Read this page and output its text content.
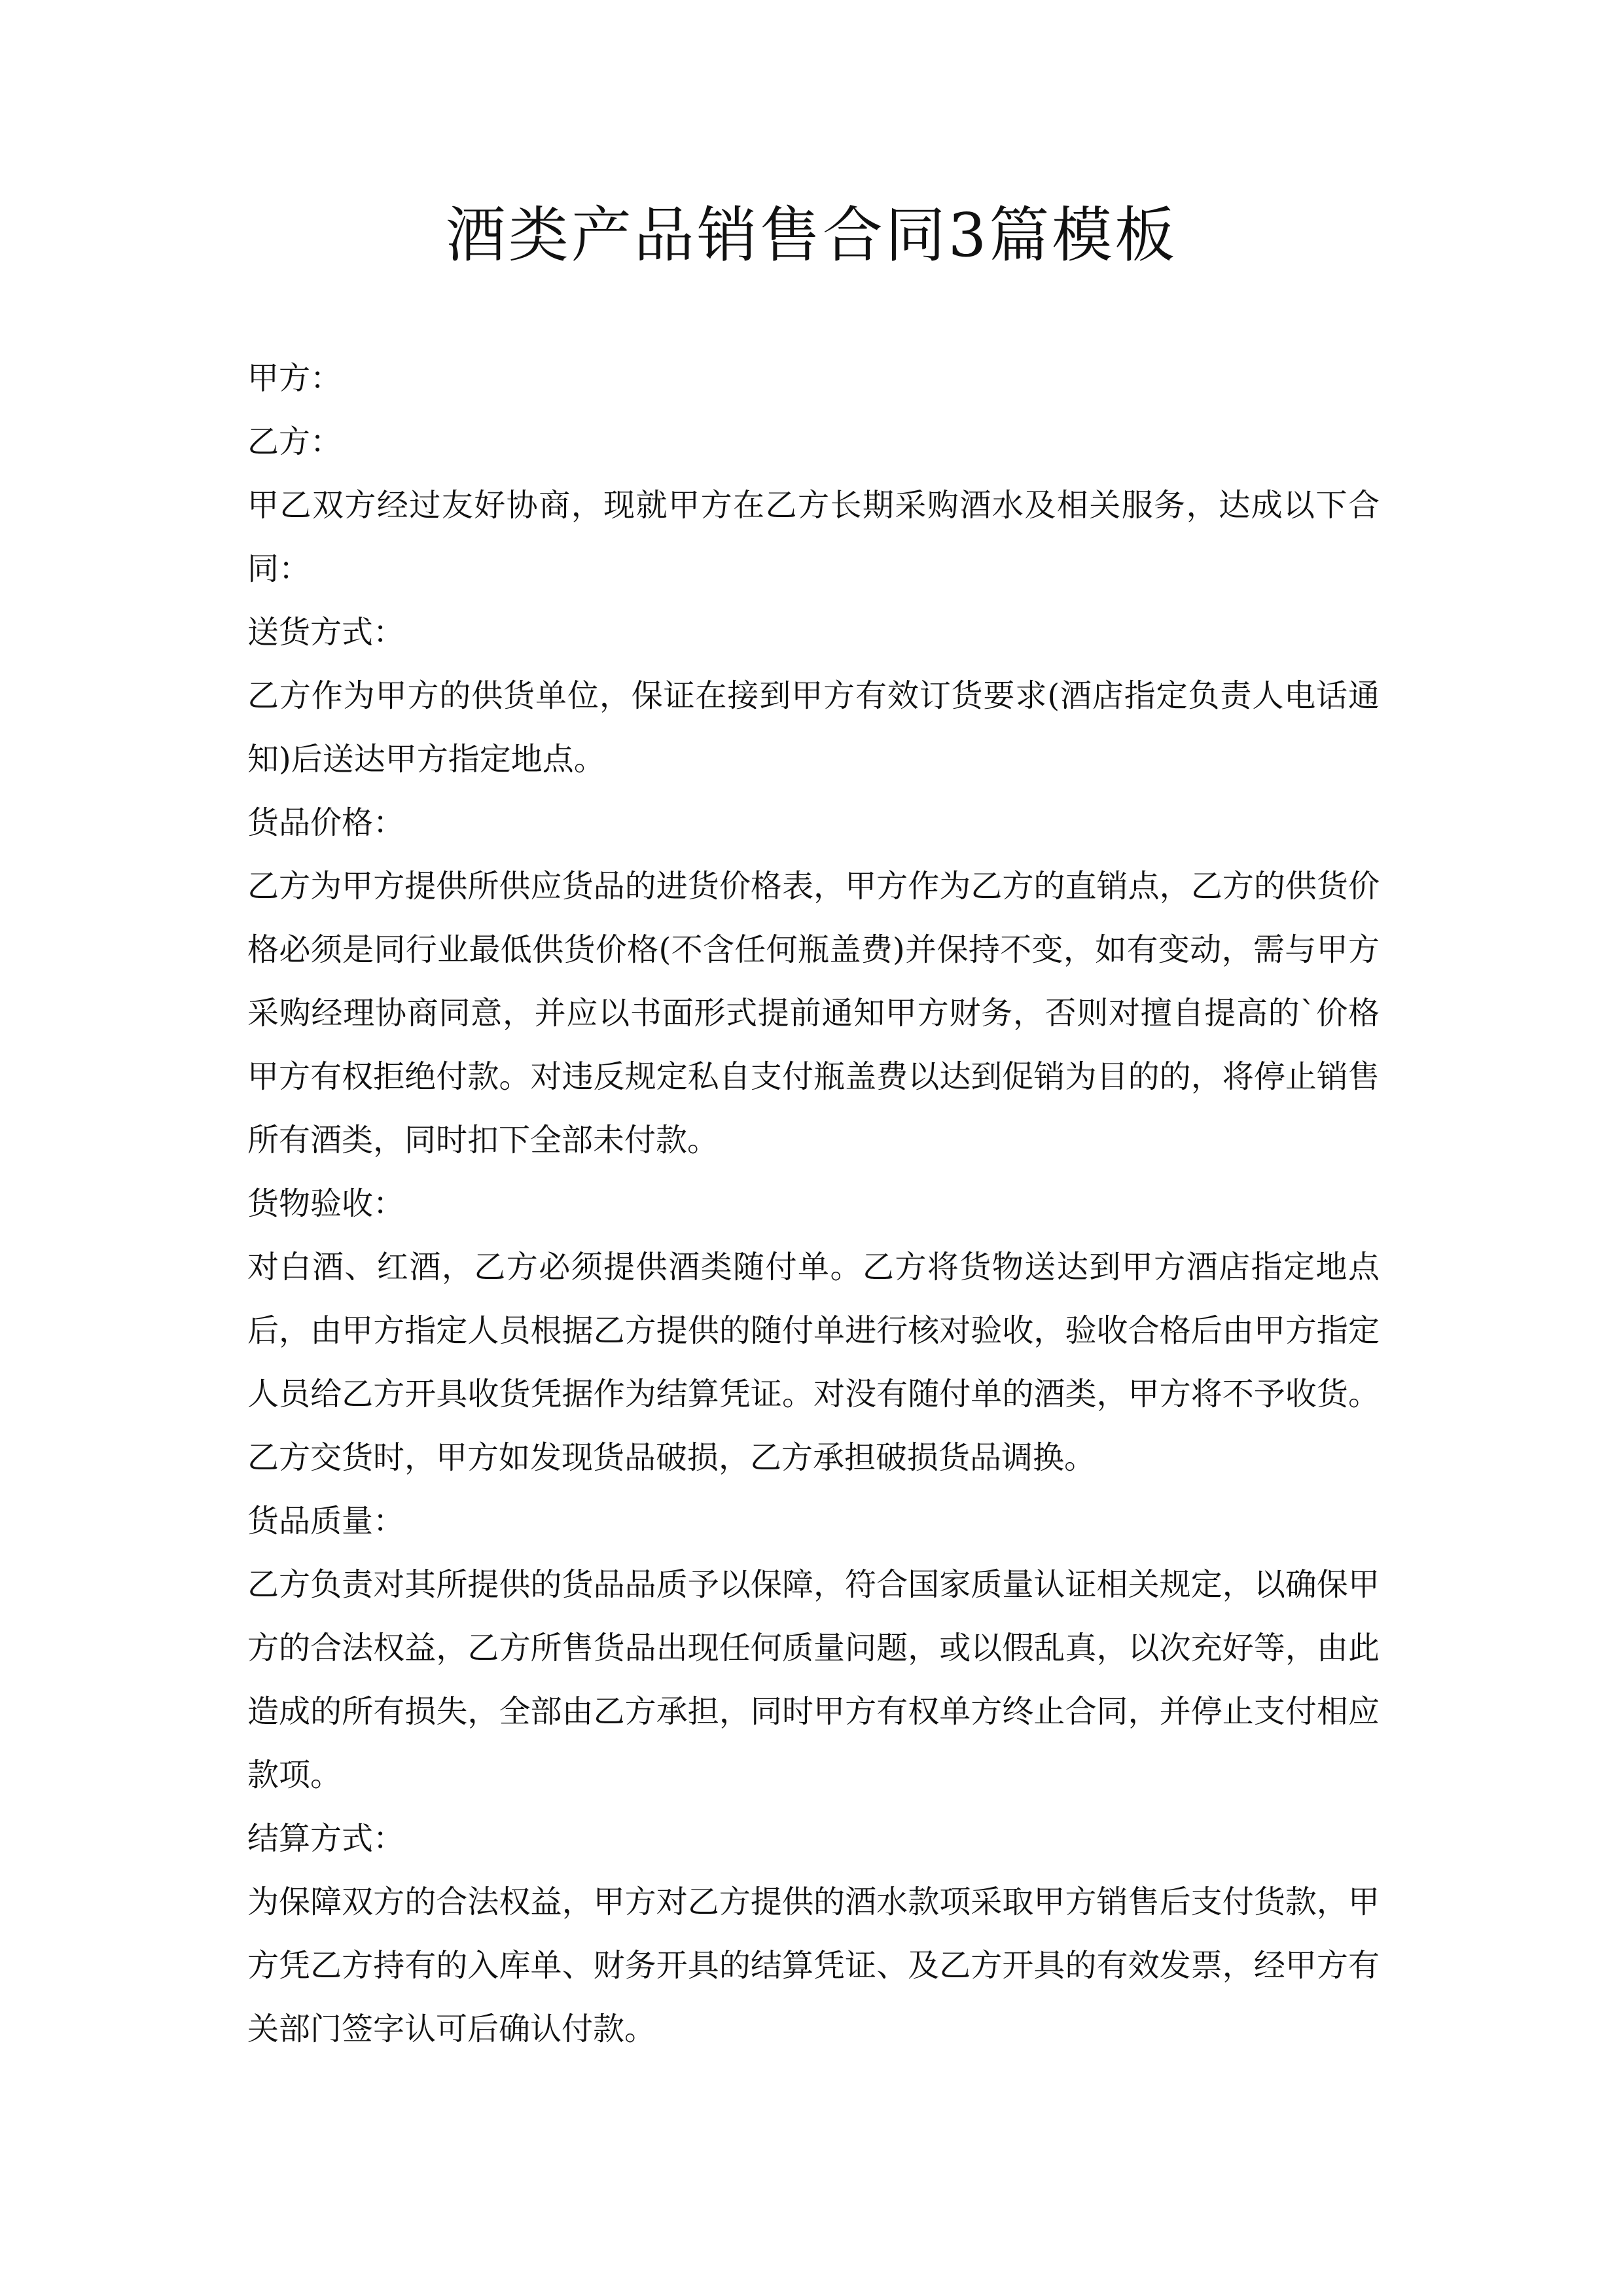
酒类产品销售合同3篇模板

甲方：

乙方：

甲乙双方经过友好协商，现就甲方在乙方长期采购酒水及相关服务，达成以下合同：

送货方式：

乙方作为甲方的供货单位，保证在接到甲方有效订货要求(酒店指定负责人电话通知)后送达甲方指定地点。

货品价格：

乙方为甲方提供所供应货品的进货价格表，甲方作为乙方的直销点，乙方的供货价格必须是同行业最低供货价格(不含任何瓶盖费)并保持不变，如有变动，需与甲方采购经理协商同意，并应以书面形式提前通知甲方财务，否则对擅自提高的`价格甲方有权拒绝付款。对违反规定私自支付瓶盖费以达到促销为目的的，将停止销售所有酒类，同时扣下全部未付款。

货物验收：

对白酒、红酒，乙方必须提供酒类随付单。乙方将货物送达到甲方酒店指定地点后，由甲方指定人员根据乙方提供的随付单进行核对验收，验收合格后由甲方指定人员给乙方开具收货凭据作为结算凭证。对没有随付单的酒类，甲方将不予收货。乙方交货时，甲方如发现货品破损，乙方承担破损货品调换。

货品质量：

乙方负责对其所提供的货品品质予以保障，符合国家质量认证相关规定，以确保甲方的合法权益，乙方所售货品出现任何质量问题，或以假乱真，以次充好等，由此造成的所有损失，全部由乙方承担，同时甲方有权单方终止合同，并停止支付相应款项。

结算方式：

为保障双方的合法权益，甲方对乙方提供的酒水款项采取甲方销售后支付货款，甲方凭乙方持有的入库单、财务开具的结算凭证、及乙方开具的有效发票，经甲方有关部门签字认可后确认付款。
